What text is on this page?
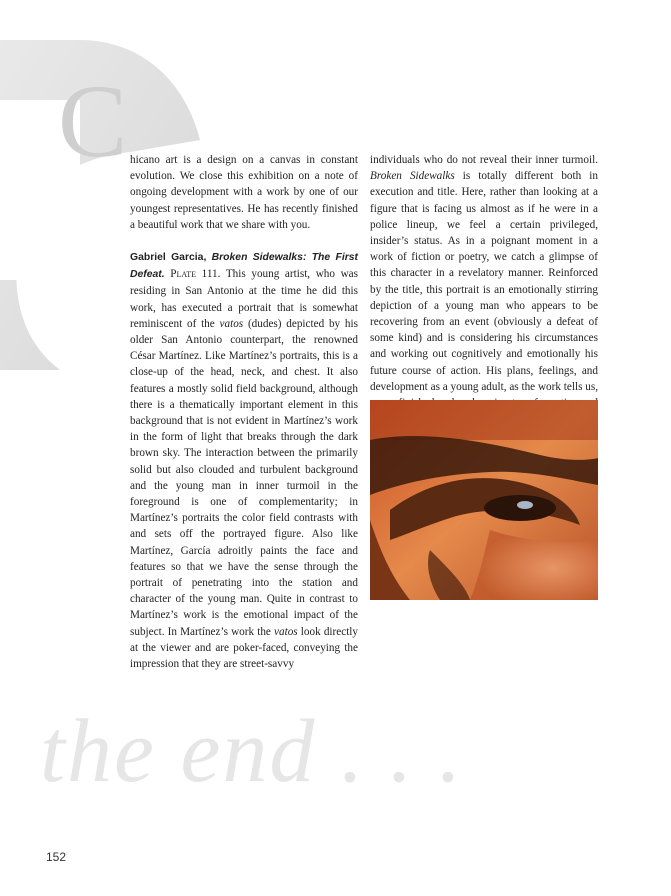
C hicano art is a design on a canvas in constant evolution. We close this exhibition on a note of ongoing development with a work by one of our youngest representatives. He has recently finished a beautiful work that we share with you.

Gabriel Garcia, Broken Sidewalks: The First Defeat. Plate 111. This young artist, who was residing in San Antonio at the time he did this work, has executed a portrait that is somewhat reminiscent of the vatos (dudes) depicted by his older San Antonio counterpart, the renowned César Martínez. Like Martínez’s portraits, this is a close-up of the head, neck, and chest. It also features a mostly solid field background, although there is a thematically important element in this background that is not evident in Martínez’s work in the form of light that breaks through the dark brown sky. The interaction between the primarily solid but also clouded and turbulent background and the young man in inner turmoil in the foreground is one of complementarity; in Martínez’s portraits the color field contrasts with and sets off the portrayed figure. Also like Martínez, García adroitly paints the face and features so that we have the sense through the portrait of penetrating into the station and character of the young man. Quite in contrast to Martínez’s work is the emotional impact of the subject. In Martínez’s work the vatos look directly at the viewer and are poker-faced, conveying the impression that they are street-savvy

individuals who do not reveal their inner turmoil. Broken Sidewalks is totally different both in execution and title. Here, rather than looking at a figure that is facing us almost as if he were in a police lineup, we feel a certain privileged, insider’s status. As in a poignant moment in a work of fiction or poetry, we catch a glimpse of this character in a revelatory manner. Reinforced by the title, this portrait is an emotionally stirring depiction of a young man who appears to be recovering from an event (obviously a defeat of some kind) and is considering his circumstances and working out cognitively and emotionally his future course of action. His plans, feelings, and development as a young adult, as the work tells us,

the end . . .
152
